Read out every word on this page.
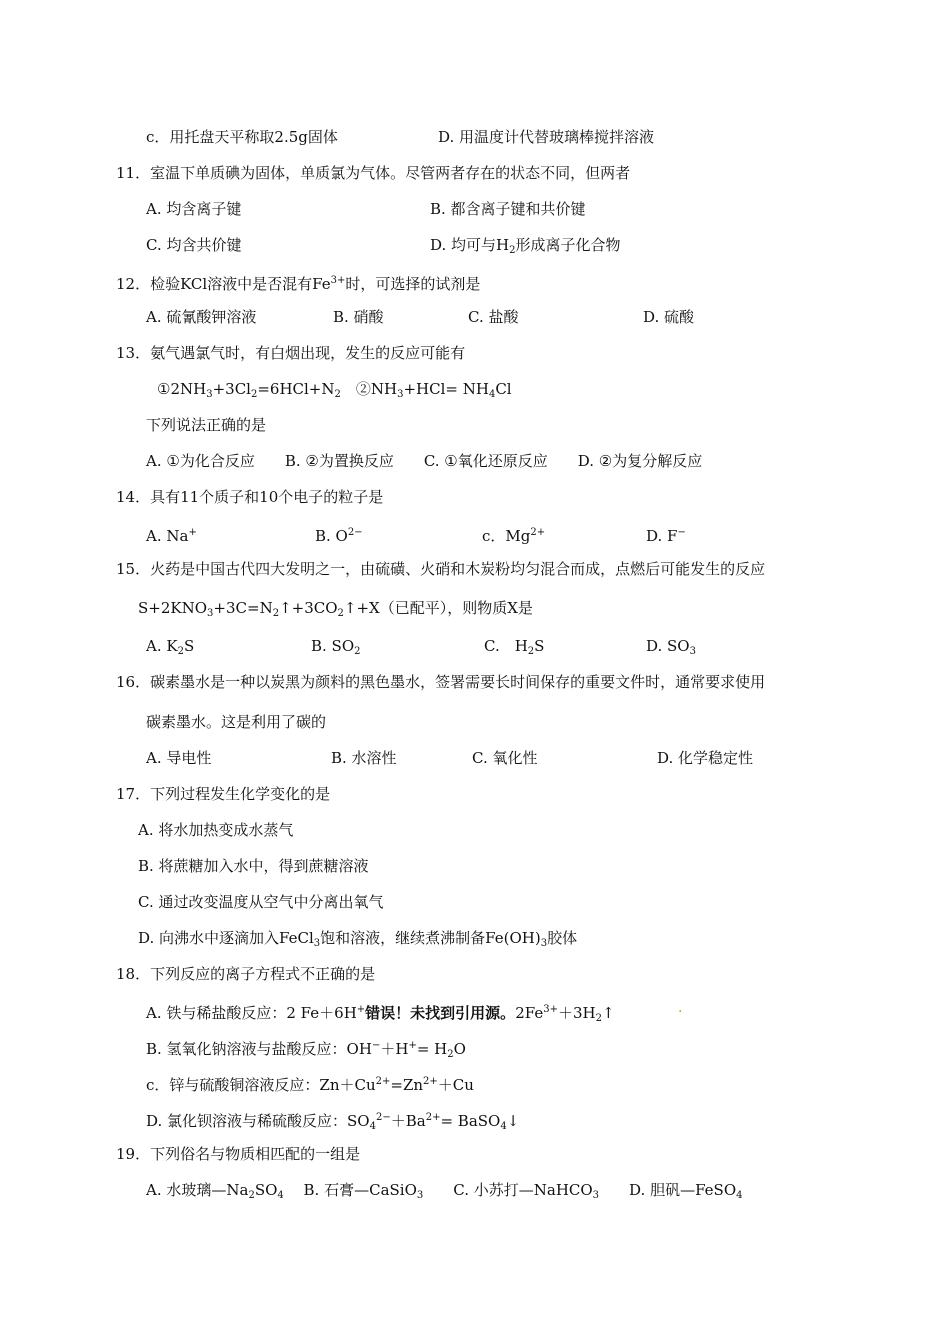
c．用托盘天平称取2.5g固体	D. 用温度计代替玻璃棒搅拌溶液
11．室温下单质碘为固体，单质氯为气体。尽管两者存在的状态不同，但两者
A. 均含离子键	B. 都含离子键和共价键
C. 均含共价键	D. 均可与$H_2$形成离子化合物
12．检验KCl溶液中是否混有$Fe^{3+}$时，可选择的试剂是
A. 硫氰酸钾溶液	B. 硝酸	C. 盐酸	D. 硫酸
13．氨气遇氯气时，有白烟出现，发生的反应可能有
$①2NH_3+3Cl_2=6HCl+N_2$　$②NH_3+HCl= NH_4Cl$
下列说法正确的是
A. ①为化合反应　　B. ②为置换反应　　C. ①氧化还原反应　　D. ②为复分解反应
14．具有11个质子和10个电子的粒子是
A. Na+	B. $O^{2-}$	c．$Mg^{2+}$	D. F−
15．火药是中国古代四大发明之一，由硫磺、火硝和木炭粉均匀混合而成，点燃后可能发生的反应
$S+2KNO_3+3C=N_2↑+3CO_2↑+X$（已配平），则物质X是
A. $K_2S$	B. $SO_2$	C.　$H_2S$	D. $SO_3$
16．碳素墨水是一种以炭黑为颜料的黑色墨水，签署需要长时间保存的重要文件时，通常要求使用
碳素墨水。这是利用了碳的
A. 导电性	B. 水溶性	C. 氧化性	D. 化学稳定性
17．下列过程发生化学变化的是
A. 将水加热变成水蒸气
B. 将蔗糖加入水中，得到蔗糖溶液
C. 通过改变温度从空气中分离出氧气
D. 向沸水中逐滴加入FeCl$_3$饱和溶液，继续煮沸制备$Fe(OH)_3$胶体
18．下列反应的离子方程式不正确的是
A. 铁与稀盐酸反应：2 Fe＋6H+错误！未找到引用源。$2Fe^{3+}+3H_2↑$	.
B. 氢氧化钠溶液与盐酸反应：$OH^-+H^+= H_2O$
c．锌与硫酸铜溶液反应：$Zn+Cu^{2+}=Zn^{2+}+Cu$
D. 氯化钡溶液与稀硫酸反应：$SO_4^{2-}+Ba^{2+}=$ BaSO$_4$↓
19．下列俗名与物质相匹配的一组是
A. 水玻璃$—Na_2SO_4$　 B. 石膏—CaSiO$_3$　　C. 小苏打—NaHCO$_3$　　D. 胆矾—FeSO$_4$
